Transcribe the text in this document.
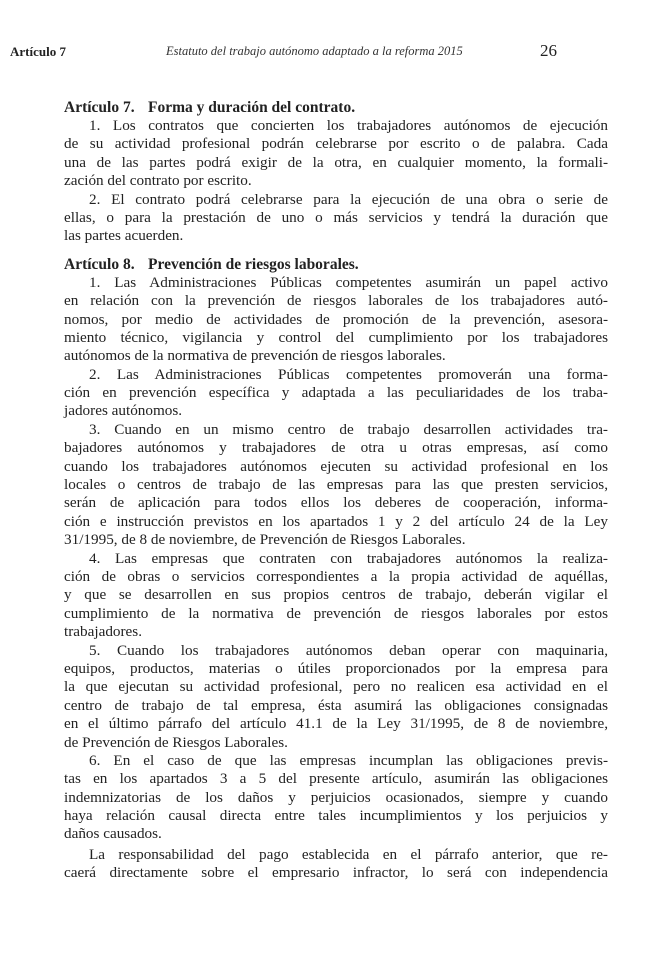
Artículo 7	Estatuto del trabajo autónomo adaptado a la reforma 2015	26
Artículo 7. Forma y duración del contrato.
1. Los contratos que concierten los trabajadores autónomos de ejecución
de su actividad profesional podrán celebrarse por escrito o de palabra. Cada
una de las partes podrá exigir de la otra, en cualquier momento, la formali-
zación del contrato por escrito.
2. El contrato podrá celebrarse para la ejecución de una obra o serie de
ellas, o para la prestación de uno o más servicios y tendrá la duración que
las partes acuerden.
Artículo 8. Prevención de riesgos laborales.
1. Las Administraciones Públicas competentes asumirán un papel activo
en relación con la prevención de riesgos laborales de los trabajadores autó-
nomos, por medio de actividades de promoción de la prevención, asesora-
miento técnico, vigilancia y control del cumplimiento por los trabajadores
autónomos de la normativa de prevención de riesgos laborales.
2. Las Administraciones Públicas competentes promoverán una forma-
ción en prevención específica y adaptada a las peculiaridades de los traba-
jadores autónomos.
3. Cuando en un mismo centro de trabajo desarrollen actividades tra-
bajadores autónomos y trabajadores de otra u otras empresas, así como
cuando los trabajadores autónomos ejecuten su actividad profesional en los
locales o centros de trabajo de las empresas para las que presten servicios,
serán de aplicación para todos ellos los deberes de cooperación, informa-
ción e instrucción previstos en los apartados 1 y 2 del artículo 24 de la Ley
31/1995, de 8 de noviembre, de Prevención de Riesgos Laborales.
4. Las empresas que contraten con trabajadores autónomos la realiza-
ción de obras o servicios correspondientes a la propia actividad de aquéllas,
y que se desarrollen en sus propios centros de trabajo, deberán vigilar el
cumplimiento de la normativa de prevención de riesgos laborales por estos
trabajadores.
5. Cuando los trabajadores autónomos deban operar con maquinaria,
equipos, productos, materias o útiles proporcionados por la empresa para
la que ejecutan su actividad profesional, pero no realicen esa actividad en el
centro de trabajo de tal empresa, ésta asumirá las obligaciones consignadas
en el último párrafo del artículo 41.1 de la Ley 31/1995, de 8 de noviembre,
de Prevención de Riesgos Laborales.
6. En el caso de que las empresas incumplan las obligaciones previs-
tas en los apartados 3 a 5 del presente artículo, asumirán las obligaciones
indemnizatorias de los daños y perjuicios ocasionados, siempre y cuando
haya relación causal directa entre tales incumplimientos y los perjuicios y
daños causados.
La responsabilidad del pago establecida en el párrafo anterior, que re-
caerá directamente sobre el empresario infractor, lo será con independencia
